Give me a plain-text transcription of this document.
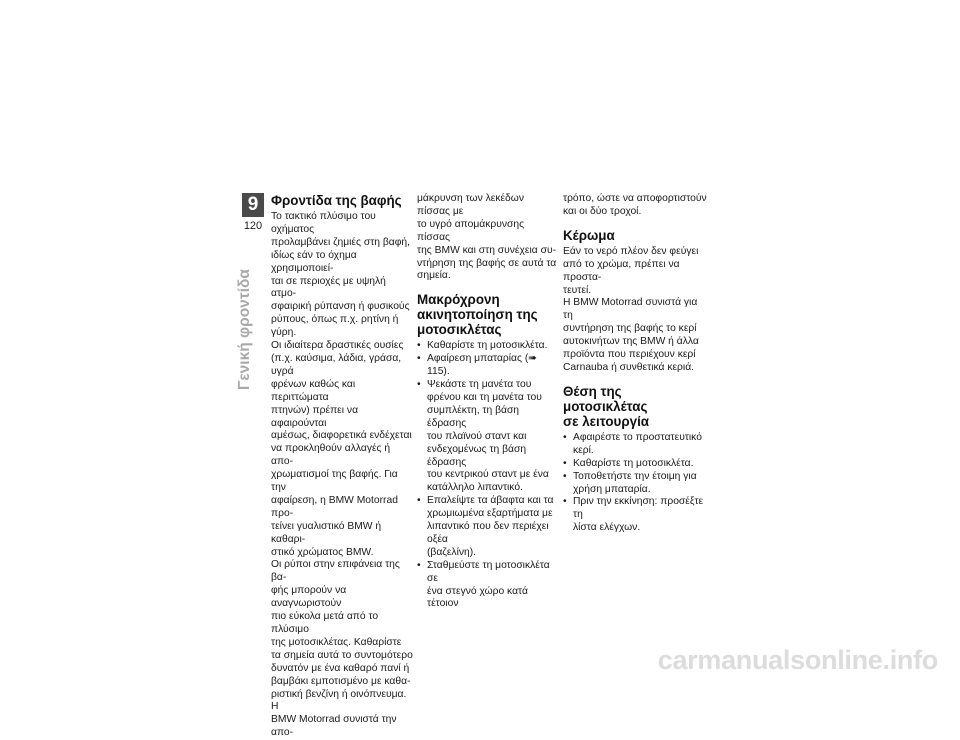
9
120
Γενική φροντίδα
Φροντίδα της βαφής
Το τακτικό πλύσιμο του οχήματος
προλαμβάνει ζημιές στη βαφή,
ιδίως εάν το όχημα χρησιμοποιεί-
ται σε περιοχές με υψηλή ατμο-
σφαιρική ρύπανση ή φυσικούς
ρύπους, όπως π.χ. ρητίνη ή γύρη.
Οι ιδιαίτερα δραστικές ουσίες
(π.χ. καύσιμα, λάδια, γράσα, υγρά
φρένων καθώς και περιττώματα
πτηνών) πρέπει να αφαιρούνται
αμέσως, διαφορετικά ενδέχεται
να προκληθούν αλλαγές ή απο-
χρωματισμοί της βαφής. Για την
αφαίρεση, η BMW Motorrad προ-
τείνει γυαλιστικό BMW ή καθαρι-
στικό χρώματος BMW.
Οι ρύποι στην επιφάνεια της βα-
φής μπορούν να αναγνωριστούν
πιο εύκολα μετά από το πλύσιμο
της μοτοσικλέτας. Καθαρίστε
τα σημεία αυτά το συντομότερο
δυνατόν με ένα καθαρό πανί ή
βαμβάκι εμποτισμένο με καθα-
ριστική βενζίνη ή οινόπνευμα. Η
BMW Motorrad συνιστά την απο-
μάκρυνση των λεκέδων πίσσας με
το υγρό απομάκρυνσης πίσσας
της BMW και στη συνέχεια συ-
ντήρηση της βαφής σε αυτά τα
σημεία.
Μακρόχρονη
ακινητοποίηση της
μοτοσικλέτας
• Καθαρίστε τη μοτοσικλέτα.
• Αφαίρεση μπαταρίας (➠ 115).
• Ψεκάστε τη μανέτα του
φρένου και τη μανέτα του
συμπλέκτη, τη βάση έδρασης
του πλαϊνού σταντ και
ενδεχομένως τη βάση έδρασης
του κεντρικού σταντ με ένα
κατάλληλο λιπαντικό.
• Επαλείψτε τα άβαφτα και τα
χρωμιωμένα εξαρτήματα με
λιπαντικό που δεν περιέχει οξέα
(βαζελίνη).
• Σταθμεύστε τη μοτοσικλέτα σε
ένα στεγνό χώρο κατά τέτοιον
τρόπο, ώστε να αποφορτιστούν
και οι δύο τροχοί.
Κέρωμα
Εάν το νερό πλέον δεν φεύγει
από το χρώμα, πρέπει να προστα-
τευτεί.
Η BMW Motorrad συνιστά για τη
συντήρηση της βαφής το κερί
αυτοκινήτων της BMW ή άλλα
προϊόντα που περιέχουν κερί
Carnauba ή συνθετικά κεριά.
Θέση της μοτοσικλέτας
σε λειτουργία
• Αφαιρέστε το προστατευτικό
κερί.
• Καθαρίστε τη μοτοσικλέτα.
• Τοποθετήστε την έτοιμη για
χρήση μπαταρία.
• Πριν την εκκίνηση: προσέξτε τη
λίστα ελέγχων.
carmanualsonline.info
